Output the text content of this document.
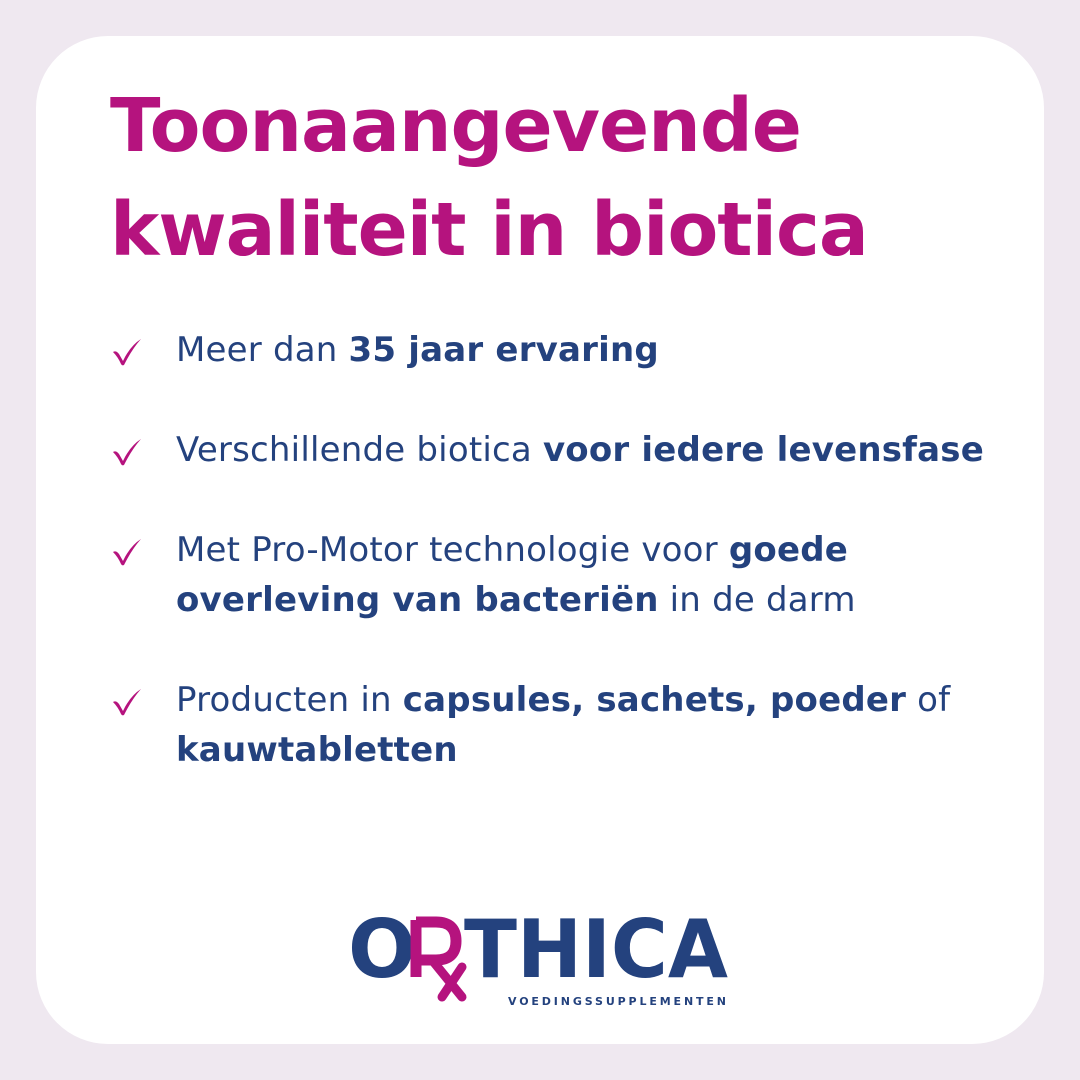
Toonaangevende
kwaliteit in biotica
Meer dan 35 jaar ervaring
Verschillende biotica voor iedere levensfase
Met Pro-Motor technologie voor goede overleving van bacteriën in de darm
Producten in capsules, sachets, poeder of kauwtabletten
O THICA
VOEDINGSSUPPLEMENTEN
